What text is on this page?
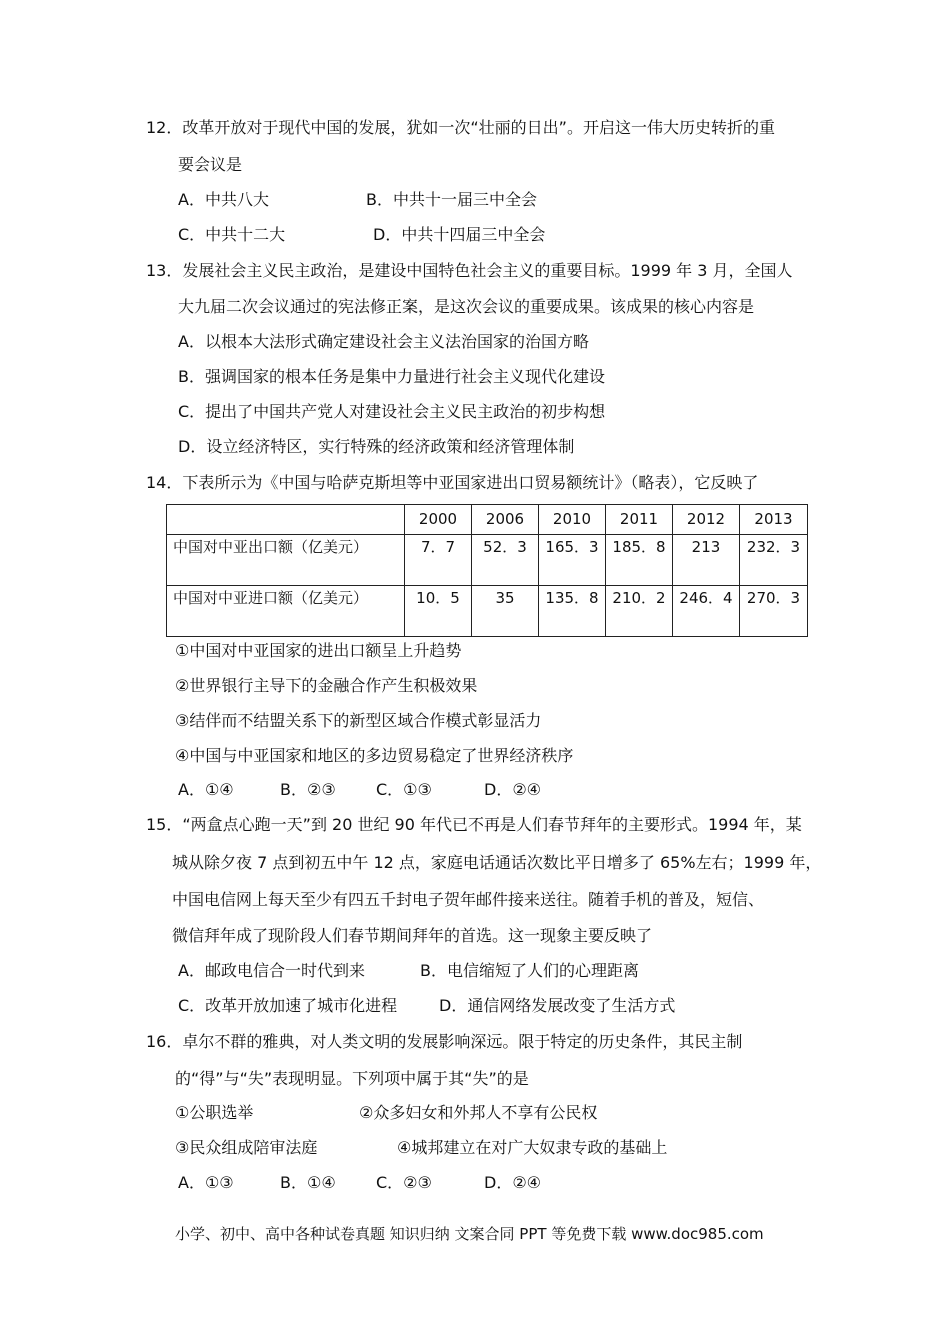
12．改革开放对于现代中国的发展，犹如一次“壮丽的日出”。开启这一伟大历史转折的重
要会议是
A．中共八大	B．中共十一届三中全会
C．中共十二大	D．中共十四届三中全会
13．发展社会主义民主政治，是建设中国特色社会主义的重要目标。1999 年 3 月，全国人
大九届二次会议通过的宪法修正案，是这次会议的重要成果。该成果的核心内容是
A．以根本大法形式确定建设社会主义法治国家的治国方略
B．强调国家的根本任务是集中力量进行社会主义现代化建设
C．提出了中国共产党人对建设社会主义民主政治的初步构想
D．设立经济特区，实行特殊的经济政策和经济管理体制
14．下表所示为《中国与哈萨克斯坦等中亚国家进出口贸易额统计》（略表），它反映了
	2000	2006	2010	2011	2012	2013
中国对中亚出口额（亿美元）	7．7	52．3	165．3	185．8	213	232．3
中国对中亚进口额（亿美元）	10．5	35	135．8	210．2	246．4	270．3
①中国对中亚国家的进出口额呈上升趋势
②世界银行主导下的金融合作产生积极效果
③结伴而不结盟关系下的新型区域合作模式彰显活力
④中国与中亚国家和地区的多边贸易稳定了世界经济秩序
A．①④	B．②③	C．①③	D．②④
15．“两盒点心跑一天”到 20 世纪 90 年代已不再是人们春节拜年的主要形式。1994 年，某
城从除夕夜 7 点到初五中午 12 点，家庭电话通话次数比平日增多了 65%左右；1999 年，
中国电信网上每天至少有四五千封电子贺年邮件接来送往。随着手机的普及，短信、
微信拜年成了现阶段人们春节期间拜年的首选。这一现象主要反映了
A．邮政电信合一时代到来	B．电信缩短了人们的心理距离
C．改革开放加速了城市化进程	D．通信网络发展改变了生活方式
16．卓尔不群的雅典，对人类文明的发展影响深远。限于特定的历史条件，其民主制
的“得”与“失”表现明显。下列项中属于其“失”的是
①公职选举	②众多妇女和外邦人不享有公民权
③民众组成陪审法庭	④城邦建立在对广大奴隶专政的基础上
A．①③	B．①④	C．②③	D．②④
小学、初中、高中各种试卷真题 知识归纳 文案合同 PPT 等免费下载 www.doc985.com
